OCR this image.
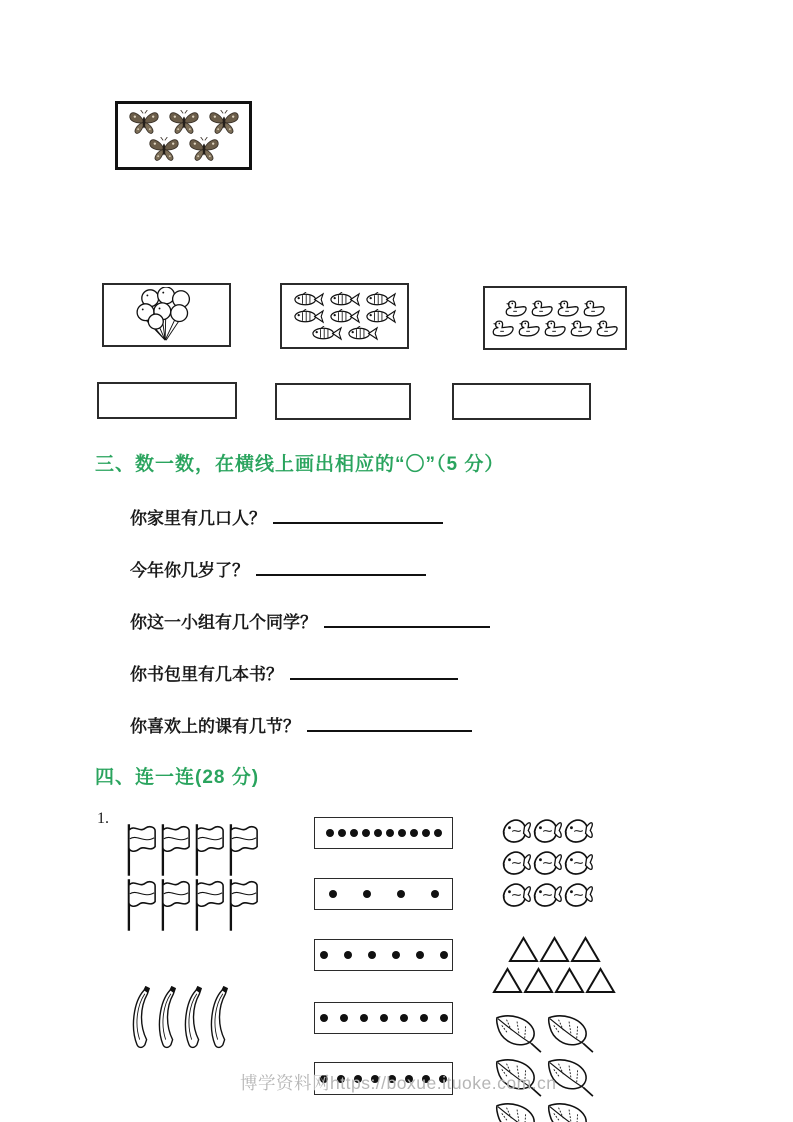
三、数一数，在横线上画出相应的“〇”（5 分）
你家里有几口人？
今年你几岁了？
你这一小组有几个同学？
你书包里有几本书？
你喜欢上的课有几节？
四、连一连(28 分)
1.
博学资料网https://boxue.ituoke.com.cn
